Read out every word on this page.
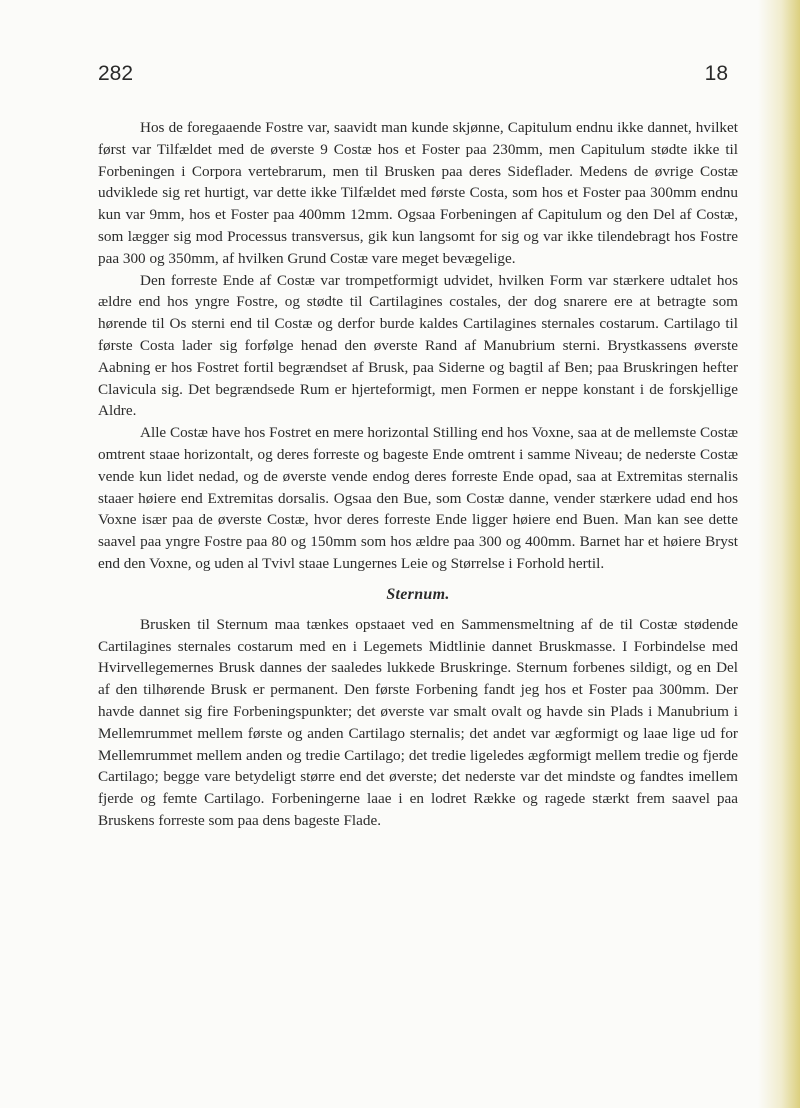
282	18

Hos de foregaaende Fostre var, saavidt man kunde skjønne, Capitulum endnu ikke dannet, hvilket først var Tilfældet med de øverste 9 Costæ hos et Foster paa 230mm, men Capitulum stødte ikke til Forbeningen i Corpora vertebrarum, men til Brusken paa deres Sideflader. Medens de øvrige Costæ udviklede sig ret hurtigt, var dette ikke Tilfældet med første Costa, som hos et Foster paa 300mm endnu kun var 9mm, hos et Foster paa 400mm 12mm. Ogsaa Forbeningen af Capitulum og den Del af Costæ, som lægger sig mod Processus transversus, gik kun langsomt for sig og var ikke tilendebragt hos Fostre paa 300 og 350mm, af hvilken Grund Costæ vare meget bevægelige.

Den forreste Ende af Costæ var trompetformigt udvidet, hvilken Form var stærkere udtalet hos ældre end hos yngre Fostre, og stødte til Cartilagines costales, der dog snarere ere at betragte som hørende til Os sterni end til Costæ og derfor burde kaldes Cartilagines sternales costarum. Cartilago til første Costa lader sig forfølge henad den øverste Rand af Manubrium sterni. Brystkassens øverste Aabning er hos Fostret fortil begrændset af Brusk, paa Siderne og bagtil af Ben; paa Bruskringen hefter Clavicula sig. Det begrændsede Rum er hjerteformigt, men Formen er neppe konstant i de forskjellige Aldre.

Alle Costæ have hos Fostret en mere horizontal Stilling end hos Voxne, saa at de mellemste Costæ omtrent staae horizontalt, og deres forreste og bageste Ende omtrent i samme Niveau; de nederste Costæ vende kun lidet nedad, og de øverste vende endog deres forreste Ende opad, saa at Extremitas sternalis staaer høiere end Extremitas dorsalis. Ogsaa den Bue, som Costæ danne, vender stærkere udad end hos Voxne især paa de øverste Costæ, hvor deres forreste Ende ligger høiere end Buen. Man kan see dette saavel paa yngre Fostre paa 80 og 150mm som hos ældre paa 300 og 400mm. Barnet har et høiere Bryst end den Voxne, og uden al Tvivl staae Lungernes Leie og Størrelse i Forhold hertil.

Sternum.

Brusken til Sternum maa tænkes opstaaet ved en Sammensmeltning af de til Costæ stødende Cartilagines sternales costarum med en i Legemets Midtlinie dannet Bruskmasse. I Forbindelse med Hvirvellegemernes Brusk dannes der saaledes lukkede Bruskringe. Sternum forbenes sildigt, og en Del af den tilhørende Brusk er permanent. Den første Forbening fandt jeg hos et Foster paa 300mm. Der havde dannet sig fire Forbeningspunkter; det øverste var smalt ovalt og havde sin Plads i Manubrium i Mellemrummet mellem første og anden Cartilago sternalis; det andet var ægformigt og laae lige ud for Mellemrummet mellem anden og tredie Cartilago; det tredie ligeledes ægformigt mellem tredie og fjerde Cartilago; begge vare betydeligt større end det øverste; det nederste var det mindste og fandtes imellem fjerde og femte Cartilago. Forbeningerne laae i en lodret Række og ragede stærkt frem saavel paa Bruskens forreste som paa dens bageste Flade.
